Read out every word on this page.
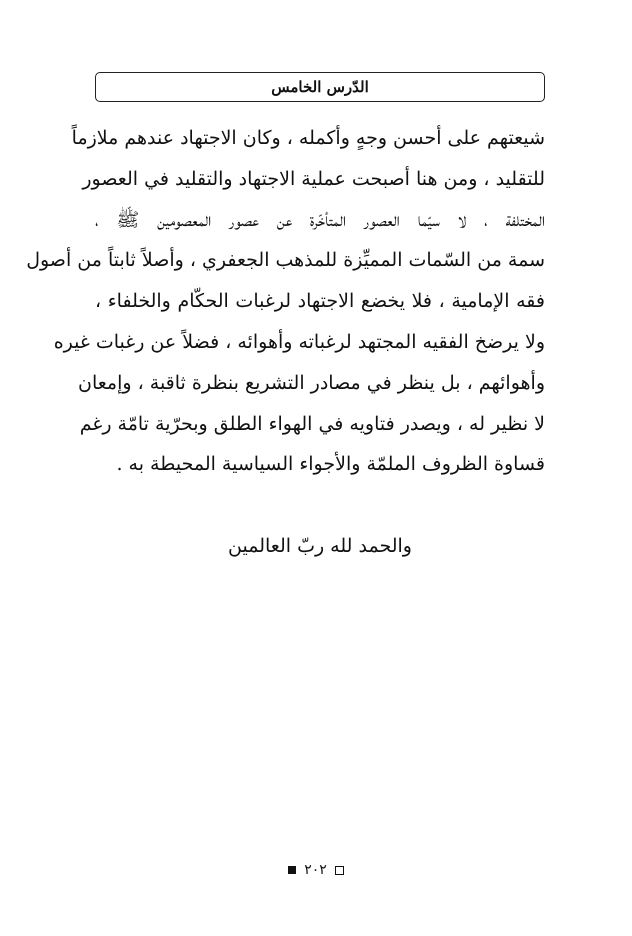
الدّرس الخامس
شيعتهم على أحسن وجهٍ وأكمله ، وكان الاجتهاد عندهم ملازماً
للتقليد ، ومن هنا أصبحت عملية الاجتهاد والتقليد في العصور
المختلفة ، لا سيّما العصور المتأخّرة عن عصور المعصومين ﷺ ،
سمة من السّمات المميِّزة للمذهب الجعفري ، وأصلاً ثابتاً من أصول
فقه الإمامية ، فلا يخضع الاجتهاد لرغبات الحكّام والخلفاء ،
ولا يرضخ الفقيه المجتهد لرغباته وأهوائه ، فضلاً عن رغبات غيره
وأهوائهم ، بل ينظر في مصادر التشريع بنظرة ثاقبة ، وإمعان
لا نظير له ، ويصدر فتاويه في الهواء الطلق وبحرّية تامّة رغم
قساوة الظروف الملمّة والأجواء السياسية المحيطة به .
والحمد لله ربّ العالمين
٢٠٢
